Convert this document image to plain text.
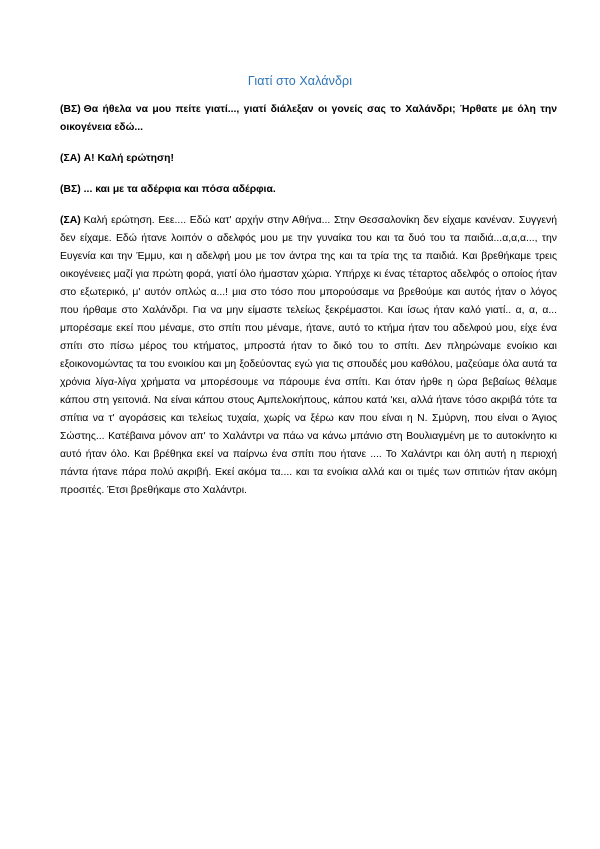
Γιατί στο Χαλάνδρι

(ΒΣ) Θα ήθελα να μου πείτε γιατί..., γιατί διάλεξαν οι γονείς σας το Χαλάνδρι; Ήρθατε με όλη την οικογένεια εδώ...

(ΣΑ) Α! Καλή ερώτηση!

(ΒΣ) ... και με τα αδέρφια και πόσα αδέρφια.

(ΣΑ) Καλή ερώτηση. Εεε.... Εδώ κατ' αρχήν στην Αθήνα... Στην Θεσσαλονίκη δεν είχαμε κανέναν. Συγγενή δεν είχαμε. Εδώ ήτανε λοιπόν ο αδελφός μου με την γυναίκα του και τα δυό του τα παιδιά...α,α,α..., την Ευγενία και την Έμμυ, και η αδελφή μου με τον άντρα της και τα τρία της τα παιδιά. Και βρεθήκαμε τρεις οικογένειες μαζί για πρώτη φορά, γιατί όλο ήμασταν χώρια. Υπήρχε κι ένας τέταρτος αδελφός ο οποίος ήταν στο εξωτερικό, μ' αυτόν οπλώς α...! μια στο τόσο που μπορούσαμε να βρεθούμε και αυτός ήταν ο λόγος που ήρθαμε στο Χαλάνδρι. Για να μην είμαστε τελείως ξεκρέμαστοι. Και ίσως ήταν καλό γιατί.. α, α, α... μπορέσαμε εκεί που μέναμε, στο σπίτι που μέναμε, ήτανε, αυτό το κτήμα ήταν του αδελφού μου, είχε ένα σπίτι στο πίσω μέρος του κτήματος, μπροστά ήταν το δικό του το σπίτι. Δεν πληρώναμε ενοίκιο και εξοικονομώντας τα του ενοικίου και μη ξοδεύοντας εγώ για τις σπουδές μου καθόλου, μαζεύαμε όλα αυτά τα χρόνια λίγα-λίγα χρήματα να μπορέσουμε να πάρουμε ένα σπίτι. Και όταν ήρθε η ώρα βεβαίως θέλαμε κάπου στη γειτονιά. Να είναι κάπου στους Αμπελοκήπους, κάπου κατά 'κει, αλλά ήτανε τόσο ακριβά τότε τα σπίτια να τ' αγοράσεις και τελείως τυχαία, χωρίς να ξέρω καν που είναι η Ν. Σμύρνη, που είναι ο Άγιος Σώστης... Κατέβαινα μόνον απ' το Χαλάντρι να πάω να κάνω μπάνιο στη Βουλιαγμένη με το αυτοκίνητο κι αυτό ήταν όλο. Και βρέθηκα εκεί να παίρνω ένα σπίτι που ήτανε .... Το Χαλάντρι και όλη αυτή η περιοχή πάντα ήτανε πάρα πολύ ακριβή. Εκεί ακόμα τα.... και τα ενοίκια αλλά και οι τιμές των σπιτιών ήταν ακόμη προσιτές. Έτσι βρεθήκαμε στο Χαλάντρι.
